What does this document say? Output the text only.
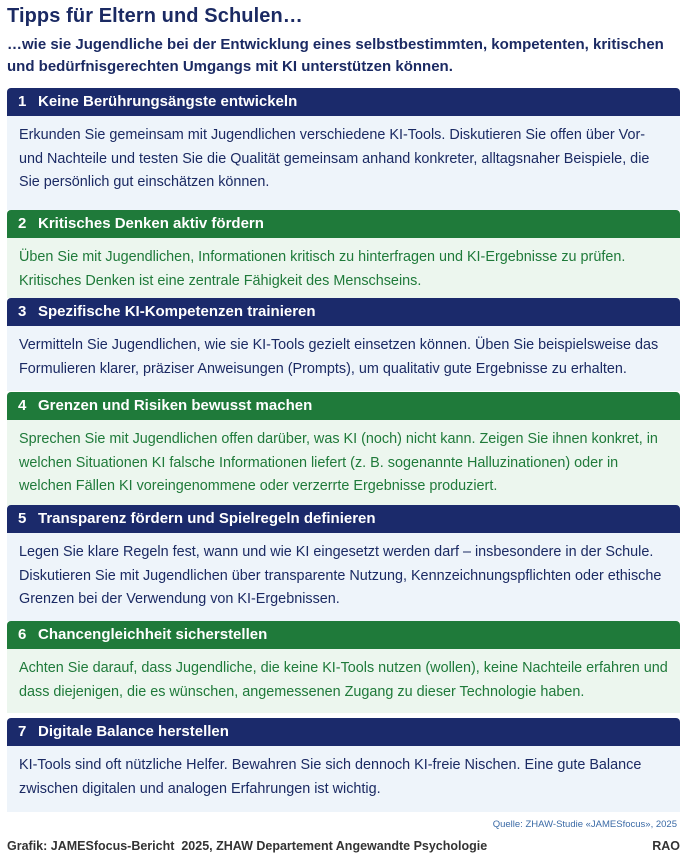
Tipps für Eltern und Schulen…

…wie sie Jugendliche bei der Entwicklung eines selbstbestimmten, kompetenten, kritischen und bedürfnisgerechten Umgangs mit KI unterstützen können.

1 Keine Berührungsängste entwickeln
Erkunden Sie gemeinsam mit Jugendlichen verschiedene KI-Tools. Diskutieren Sie offen über Vor- und Nachteile und testen Sie die Qualität gemeinsam anhand konkreter, alltagsnaher Beispiele, die Sie persönlich gut einschätzen können.
2 Kritisches Denken aktiv fördern
Üben Sie mit Jugendlichen, Informationen kritisch zu hinterfragen und KI-Ergebnisse zu prüfen. Kritisches Denken ist eine zentrale Fähigkeit des Menschseins.
3 Spezifische KI-Kompetenzen trainieren
Vermitteln Sie Jugendlichen, wie sie KI-Tools gezielt einsetzen können. Üben Sie beispielsweise das Formulieren klarer, präziser Anweisungen (Prompts), um qualitativ gute Ergebnisse zu erhalten.
4 Grenzen und Risiken bewusst machen
Sprechen Sie mit Jugendlichen offen darüber, was KI (noch) nicht kann. Zeigen Sie ihnen konkret, in welchen Situationen KI falsche Informationen liefert (z. B. sogenannte Halluzinationen) oder in welchen Fällen KI voreingenommene oder verzerrte Ergebnisse produziert.
5 Transparenz fördern und Spielregeln definieren
Legen Sie klare Regeln fest, wann und wie KI eingesetzt werden darf – insbesondere in der Schule. Diskutieren Sie mit Jugendlichen über transparente Nutzung, Kennzeichnungspflichten oder ethische Grenzen bei der Verwendung von KI-Ergebnissen.
6 Chancengleichheit sicherstellen
Achten Sie darauf, dass Jugendliche, die keine KI-Tools nutzen (wollen), keine Nachteile erfahren und dass diejenigen, die es wünschen, angemessenen Zugang zu dieser Technologie haben.
7 Digitale Balance herstellen
KI-Tools sind oft nützliche Helfer. Bewahren Sie sich dennoch KI-freie Nischen. Eine gute Balance zwischen digitalen und analogen Erfahrungen ist wichtig.
Quelle: ZHAW-Studie «JAMESfocus», 2025
Grafik: JAMESfocus-Bericht  2025, ZHAW Departement Angewandte Psychologie	RAO
